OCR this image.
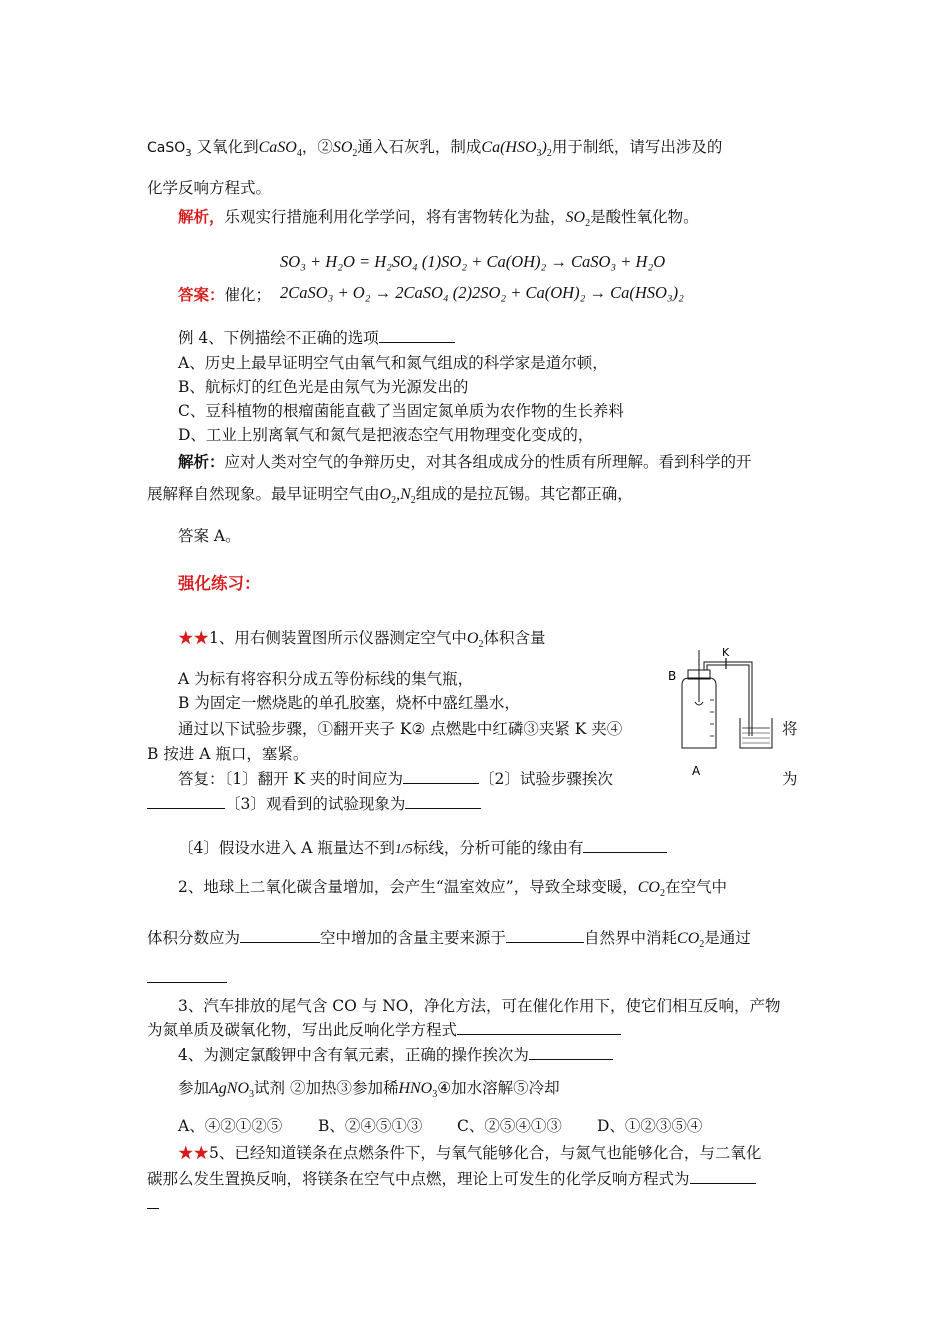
CaSO$_3$ 又氧化到CaSO$_4$，$②SO_2$通入石灰乳，制成$Ca(HSO_3)_2$用于制纸，请写出涉及的
化学反响方程式。
解析，乐观实行措施利用化学学问，将有害物转化为盐，$SO_2$是酸性氧化物。
SO₃ + H₂O = H₂SO₄ (1)SO₂ + Ca(OH)₂ → CaSO₃ + H₂O
答案：催化； 2CaSO₃ + O₂ → 2CaSO₄ (2)2SO₂ + Ca(OH)₂ → Ca(HSO₃)₂
例 4、下例描绘不正确的选项
A、历史上最早证明空气由氧气和氮气组成的科学家是道尔顿，
B、航标灯的红色光是由氖气为光源发出的
C、豆科植物的根瘤菌能直截了当固定氮单质为农作物的生长养料
D、工业上别离氧气和氮气是把液态空气用物理变化变成的，
解析：应对人类对空气的争辩历史，对其各组成成分的性质有所理解。看到科学的开
展解释自然现象。最早证明空气由$O_2,N_2$组成的是拉瓦锡。其它都正确，
答案 A。
强化练习：
★★1、用右侧装置图所示仪器测定空气中$O_2$体积含量
A 为标有将容积分成五等份标线的集气瓶，
B 为固定一燃烧匙的单孔胶塞，烧杯中盛红墨水，
通过以下试验步骤，①翻开夹子 K② 点燃匙中红磷③夹紧 K 夹④	将
B 按进 A 瓶口，塞紧。
答复：〔1〕翻开 K 夹的时间应为	〔2〕试验步骤挨次	为
〔3〕观看到的试验现象为
〔4〕假设水进入 A 瓶量达不到1/5标线，分析可能的缘由有
B
K
A
2、地球上二氧化碳含量增加，会产生“温室效应”，导致全球变暖，$CO_2$在空气中
体积分数应为	空中增加的含量主要来源于	自然界中消耗$CO_2$是通过
3、汽车排放的尾气含 CO 与 NO，净化方法，可在催化作用下，使它们相互反响，产物
为氮单质及碳氧化物，写出此反响化学方程式
4、为测定氯酸钾中含有氧元素，正确的操作挨次为
参加AgNO$_3$试剂 ②加热③参加稀$HNO_3④$加水溶解⑤冷却
A、④②①②⑤ B、②④⑤①③ C、②⑤④①③ D、①②③⑤④
★★5、已经知道镁条在点燃条件下，与氧气能够化合，与氮气也能够化合，与二氧化
碳那么发生置换反响，将镁条在空气中点燃，理论上可发生的化学反响方程式为
